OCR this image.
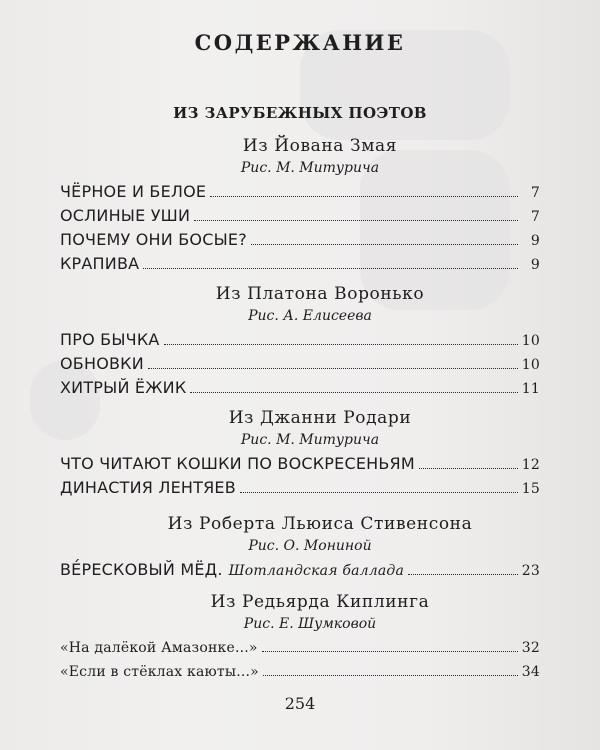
СОДЕРЖАНИЕ
ИЗ ЗАРУБЕЖНЫХ ПОЭТОВ
Из Йована Змая
Рис. М. Митурича
ЧЁРНОЕ И БЕЛОЕ	7
ОСЛИНЫЕ УШИ	7
ПОЧЕМУ ОНИ БОСЫЕ?	9
КРАПИВА	9
Из Платона Воронько
Рис. А. Елисеева
ПРО БЫЧКА	10
ОБНОВКИ	10
ХИТРЫЙ ЁЖИК	11
Из Джанни Родари
Рис. М. Митурича
ЧТО ЧИТАЮТ КОШКИ ПО ВОСКРЕСЕНЬЯМ	12
ДИНАСТИЯ ЛЕНТЯЕВ	15
Из Роберта Льюиса Стивенсона
Рис. О. Мониной
ВЕ́РЕСКОВЫЙ МЁД. Шотландская баллада	23
Из Редьярда Киплинга
Рис. Е. Шумковой
«На далёкой Амазонке...»	32
«Если в стёклах каюты...»	34
254
